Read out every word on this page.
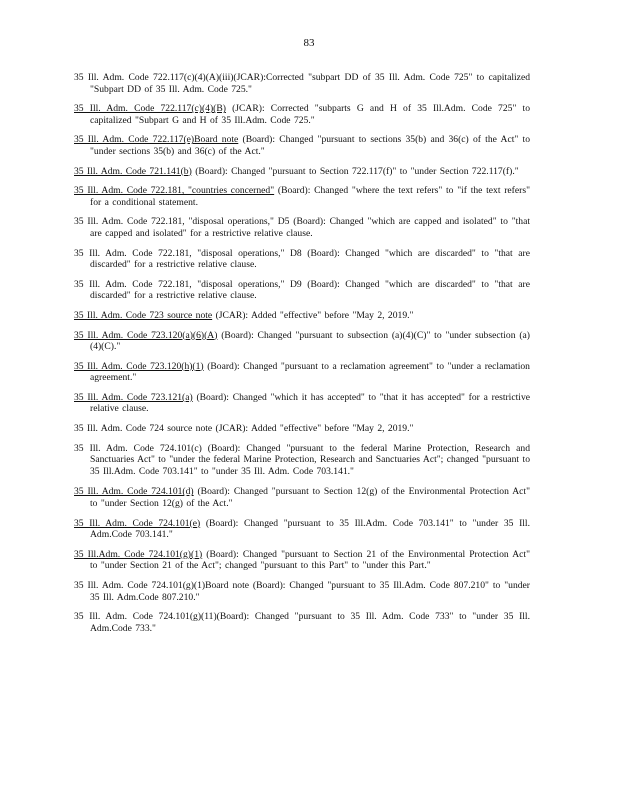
83
35 Ill. Adm. Code 722.117(c)(4)(A)(iii)(JCAR):Corrected "subpart DD of 35 Ill. Adm. Code 725" to capitalized "Subpart DD of 35 Ill. Adm. Code 725."
35 Ill. Adm. Code 722.117(c)(4)(B) (JCAR): Corrected "subparts G and H of 35 Ill.Adm. Code 725" to capitalized "Subpart G and H of 35 Ill.Adm. Code 725."
35 Ill. Adm. Code 722.117(e)Board note (Board): Changed "pursuant to sections 35(b) and 36(c) of the Act" to "under sections 35(b) and 36(c) of the Act."
35 Ill. Adm. Code 721.141(b) (Board): Changed "pursuant to Section 722.117(f)" to "under Section 722.117(f)."
35 Ill. Adm. Code 722.181, "countries concerned" (Board): Changed "where the text refers" to "if the text refers" for a conditional statement.
35 Ill. Adm. Code 722.181, "disposal operations," D5 (Board): Changed "which are capped and isolated" to "that are capped and isolated" for a restrictive relative clause.
35 Ill. Adm. Code 722.181, "disposal operations," D8 (Board): Changed "which are discarded" to "that are discarded" for a restrictive relative clause.
35 Ill. Adm. Code 722.181, "disposal operations," D9 (Board): Changed "which are discarded" to "that are discarded" for a restrictive relative clause.
35 Ill. Adm. Code 723 source note (JCAR): Added "effective" before "May 2, 2019."
35 Ill. Adm. Code 723.120(a)(6)(A) (Board): Changed "pursuant to subsection (a)(4)(C)" to "under subsection (a)(4)(C)."
35 Ill. Adm. Code 723.120(h)(1) (Board): Changed "pursuant to a reclamation agreement" to "under a reclamation agreement."
35 Ill. Adm. Code 723.121(a) (Board): Changed "which it has accepted" to "that it has accepted" for a restrictive relative clause.
35 Ill. Adm. Code 724 source note (JCAR): Added "effective" before "May 2, 2019."
35 Ill. Adm. Code 724.101(c) (Board): Changed "pursuant to the federal Marine Protection, Research and Sanctuaries Act" to "under the federal Marine Protection, Research and Sanctuaries Act"; changed "pursuant to 35 Ill.Adm. Code 703.141" to "under 35 Ill. Adm. Code 703.141."
35 Ill. Adm. Code 724.101(d) (Board): Changed "pursuant to Section 12(g) of the Environmental Protection Act" to "under Section 12(g) of the Act."
35 Ill. Adm. Code 724.101(e) (Board): Changed "pursuant to 35 Ill.Adm. Code 703.141" to "under 35 Ill. Adm.Code 703.141."
35 Ill.Adm. Code 724.101(g)(1) (Board): Changed "pursuant to Section 21 of the Environmental Protection Act" to "under Section 21 of the Act"; changed "pursuant to this Part" to "under this Part."
35 Ill. Adm. Code 724.101(g)(1)Board note (Board): Changed "pursuant to 35 Ill.Adm. Code 807.210" to "under 35 Ill. Adm.Code 807.210."
35 Ill. Adm. Code 724.101(g)(11)(Board): Changed "pursuant to 35 Ill. Adm. Code 733" to "under 35 Ill. Adm.Code 733."
